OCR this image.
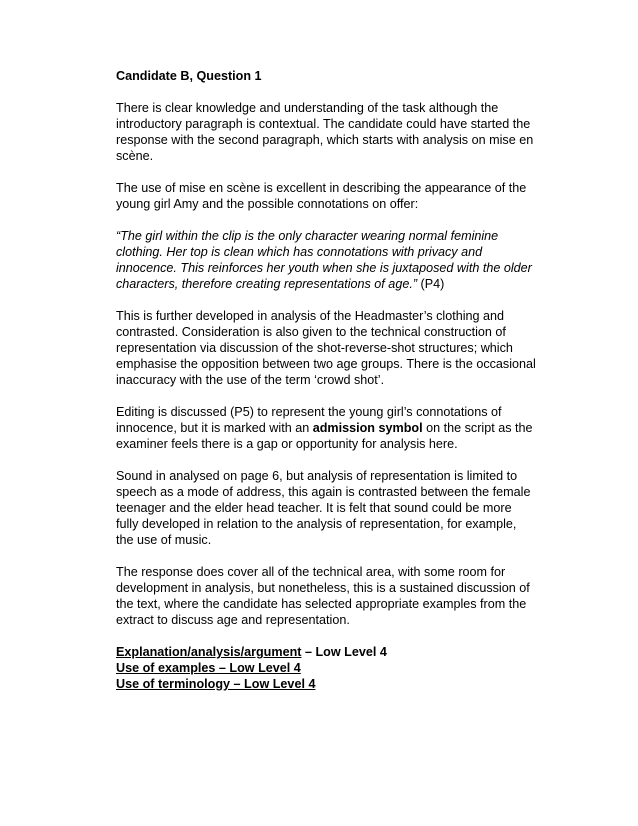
Candidate B, Question 1

There is clear knowledge and understanding of the task although the introductory paragraph is contextual. The candidate could have started the response with the second paragraph, which starts with analysis on mise en scène.

The use of mise en scène is excellent in describing the appearance of the young girl Amy and the possible connotations on offer:

“The girl within the clip is the only character wearing normal feminine clothing. Her top is clean which has connotations with privacy and innocence. This reinforces her youth when she is juxtaposed with the older characters, therefore creating representations of age.” (P4)

This is further developed in analysis of the Headmaster’s clothing and contrasted. Consideration is also given to the technical construction of representation via discussion of the shot-reverse-shot structures; which emphasise the opposition between two age groups. There is the occasional inaccuracy with the use of the term ‘crowd shot’.

Editing is discussed (P5) to represent the young girl’s connotations of innocence, but it is marked with an admission symbol on the script as the examiner feels there is a gap or opportunity for analysis here.

Sound in analysed on page 6, but analysis of representation is limited to speech as a mode of address, this again is contrasted between the female teenager and the elder head teacher. It is felt that sound could be more fully developed in relation to the analysis of representation, for example, the use of music.

The response does cover all of the technical area, with some room for development in analysis, but nonetheless, this is a sustained discussion of the text, where the candidate has selected appropriate examples from the extract to discuss age and representation.

Explanation/analysis/argument – Low Level 4
Use of examples – Low Level 4
Use of terminology – Low Level 4
